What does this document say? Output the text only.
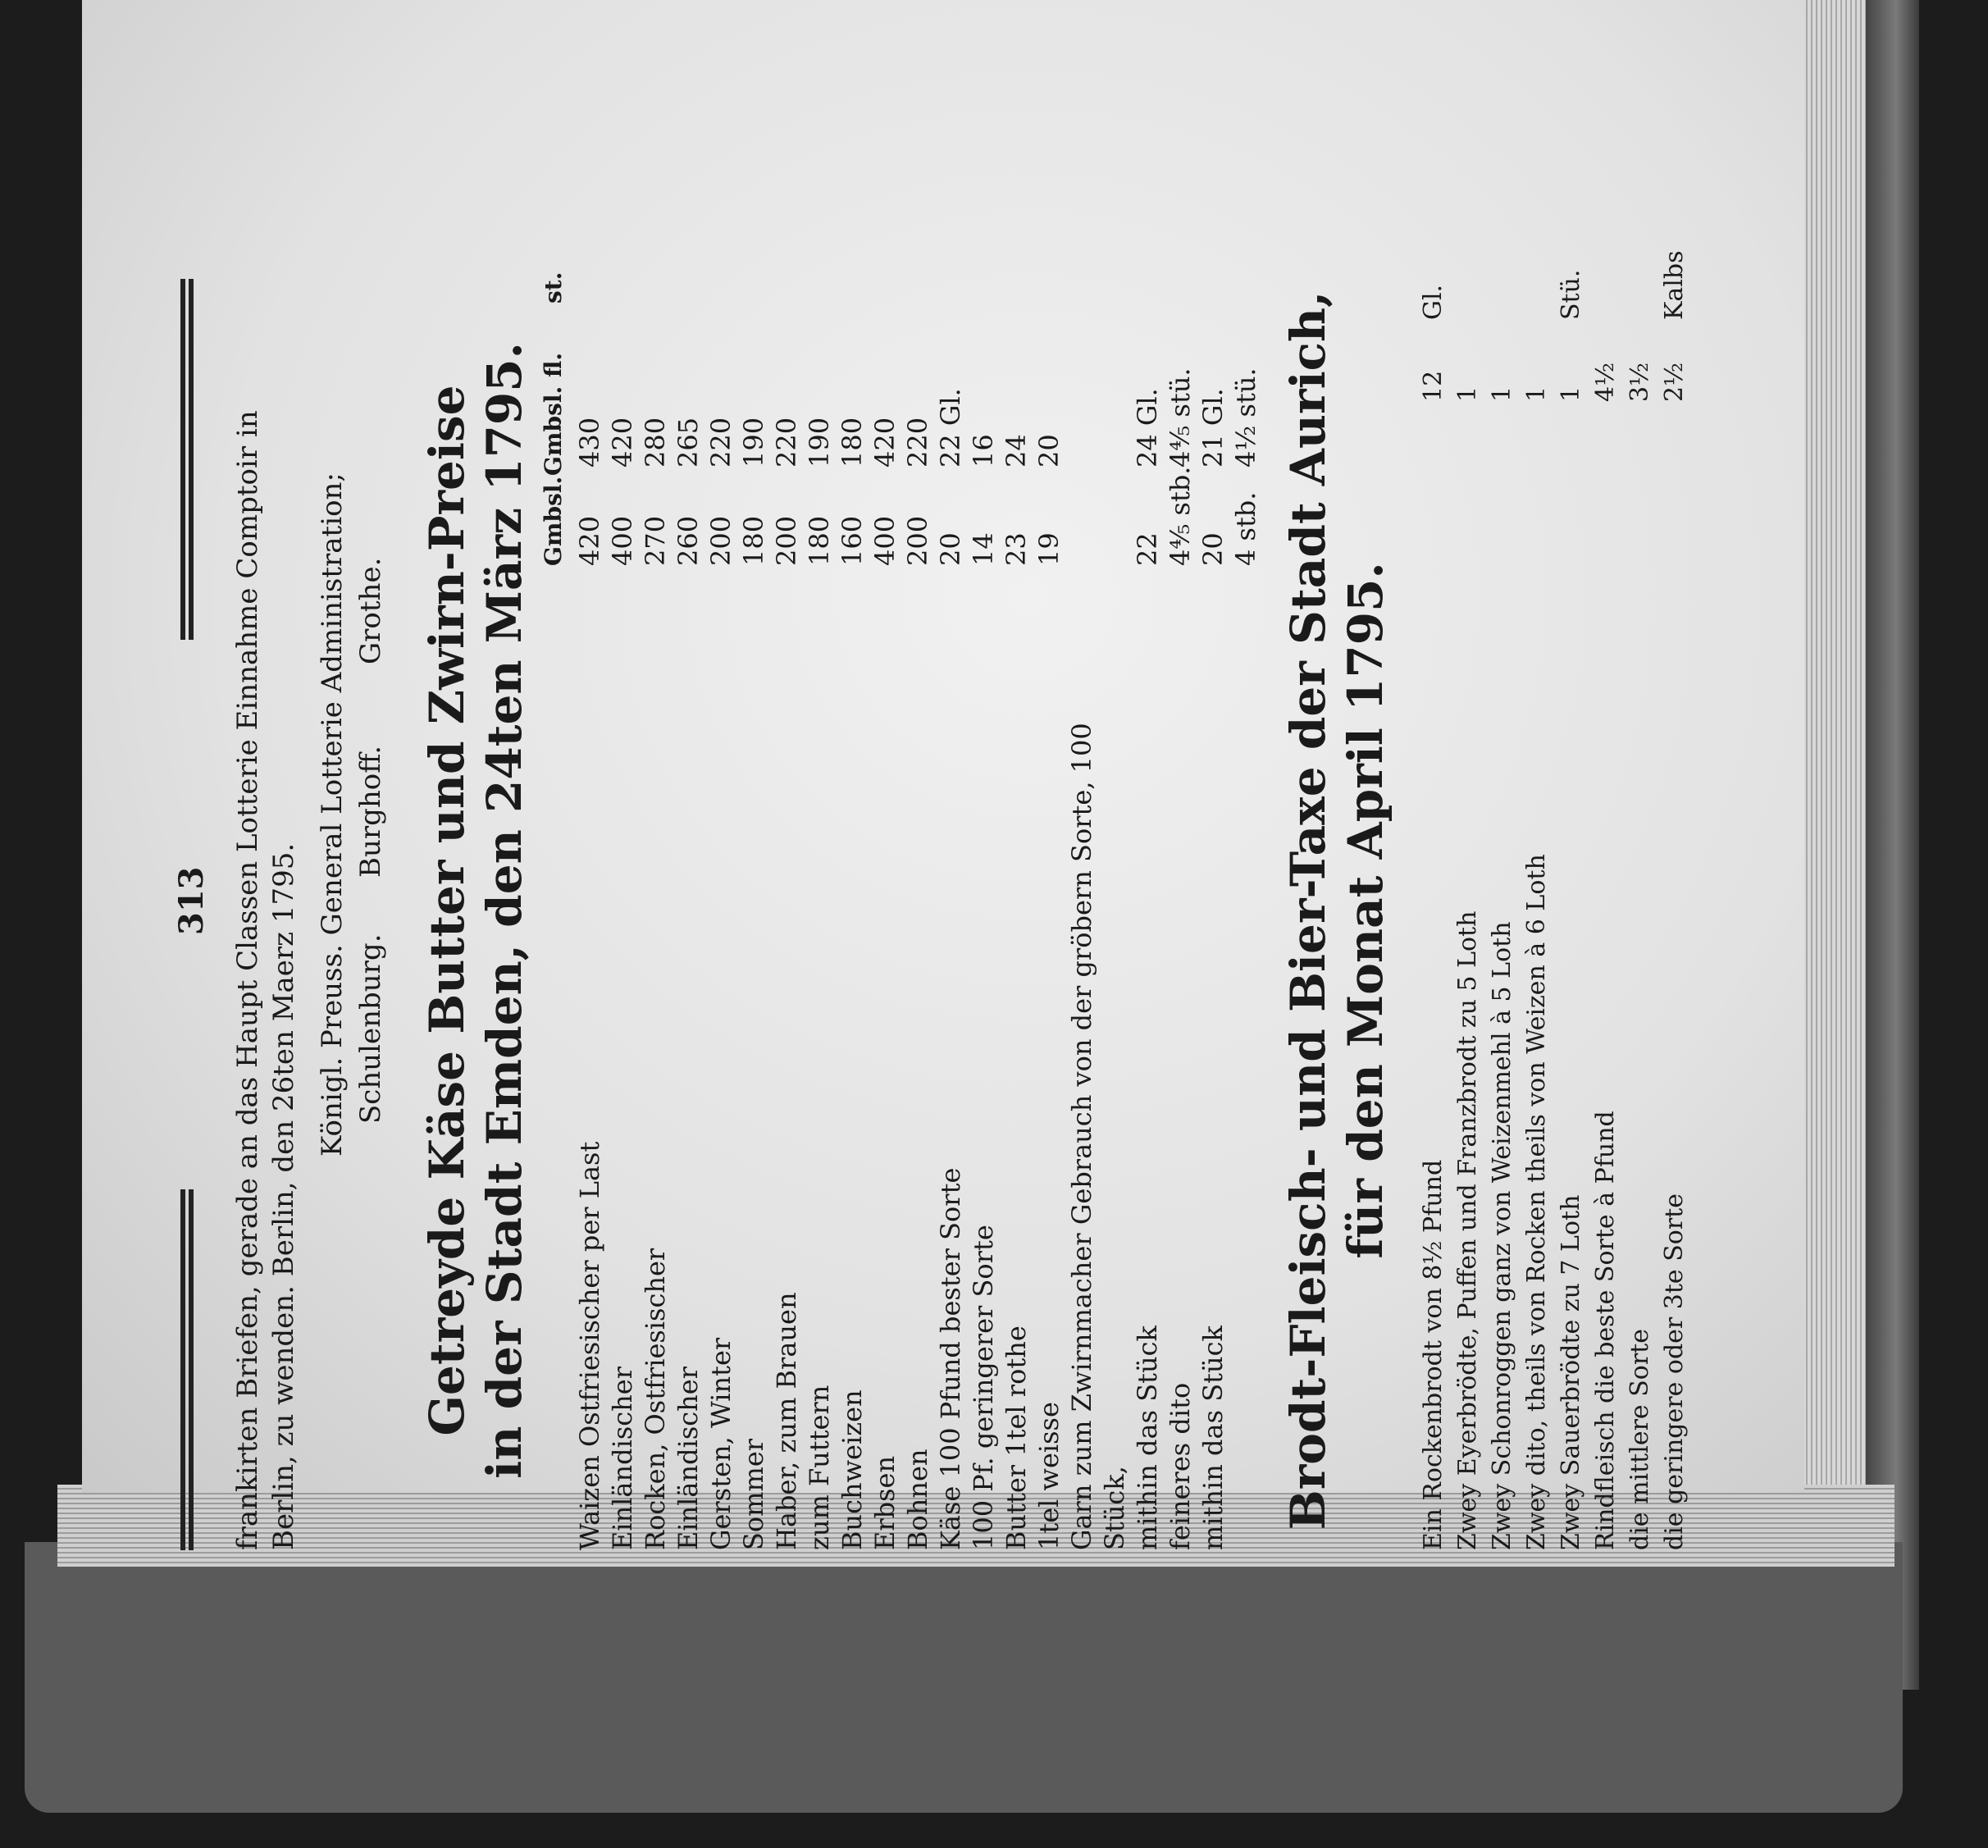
313 frankirten Briefen, gerade an das Haupt Classen Lotterie Einnahme Comptoir in Berlin, zu wenden. Berlin, den 26ten Maerz 1795.
Königl. Preuss. General Lotterie Administration; Schulenburg.
Burghoff.
Grothe. Getreyde Käse Butter und Zwirn-Preise in der Stadt Emden, den 24ten März 1795. Gmbsl.
Gmbsl.
fl.
st.
Waizen Ostfriesischer per Last
420
430
Einländischer
400
420
Rocken, Ostfriesischer
270
280
Einländischer
260
265
Gersten, Winter
200
220
Sommer
180
190
Haber, zum Brauen
200
220
zum Futtern
180
190
Buchweizen
160
180
Erbsen
400
420
Bohnen
200
220
Käse 100 Pfund bester Sorte
20
22 Gl.
100 Pf. geringerer Sorte
14
16
Butter 1tel rothe
23
24
1tel weisse
19
20
Garn zum Zwirnmacher Gebrauch von der gröbern Sorte, 100 Stück, mithin das Stück
22
24 Gl.
feineres dito
4⅘ stb.
4⅘ stü.
mithin das Stück
20
21 Gl.
4 stb.
4½ stü. Brodt-Fleisch- und Bier-Taxe der Stadt Aurich, für den Monat April 1795.
Ein Rockenbrodt von 8½ Pfund
12
Gl.
Zwey Eyerbrödte, Puffen und Franzbrodt zu 5 Loth
1
Zwey Schonroggen ganz von Weizenmehl à 5 Loth
1
Zwey dito, theils von Rocken theils von Weizen à 6 Loth
1
Zwey Sauerbrödte zu 7 Loth
1
Stü.
Rindfleisch die beste Sorte à Pfund
4½
die mittlere Sorte
3½
die geringere oder 3te Sorte
2½
Kalbs
